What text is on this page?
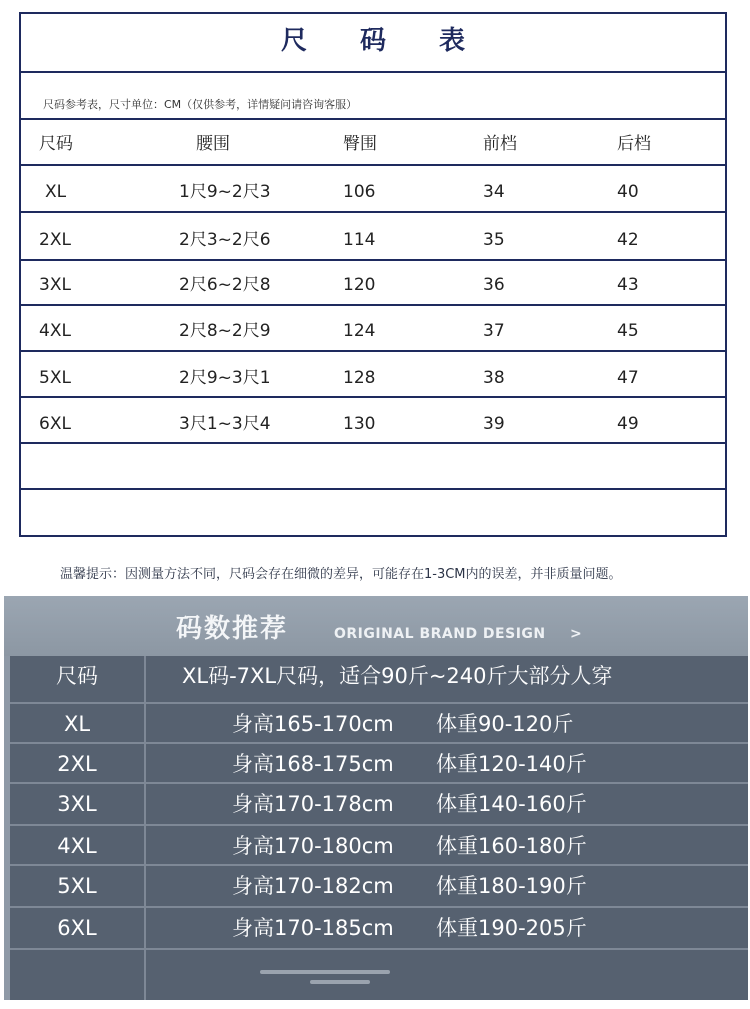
尺 码 表
尺码参考表，尺寸单位：CM（仅供参考，详情疑问请咨询客服）
尺码	腰围	臀围	前档	后档
XL	1尺9~2尺3	106	34	40
2XL	2尺3~2尺6	114	35	42
3XL	2尺6~2尺8	120	36	43
4XL	2尺8~2尺9	124	37	45
5XL	2尺9~3尺1	128	38	47
6XL	3尺1~3尺4	130	39	49
温馨提示：因测量方法不同，尺码会存在细微的差异，可能存在1-3CM内的误差，并非质量问题。
码数推荐	ORIGINAL BRAND DESIGN >
尺码	XL码-7XL尺码，适合90斤~240斤大部分人穿
XL	身高165-170cm 体重90-120斤
2XL	身高168-175cm 体重120-140斤
3XL	身高170-178cm 体重140-160斤
4XL	身高170-180cm 体重160-180斤
5XL	身高170-182cm 体重180-190斤
6XL	身高170-185cm 体重190-205斤
